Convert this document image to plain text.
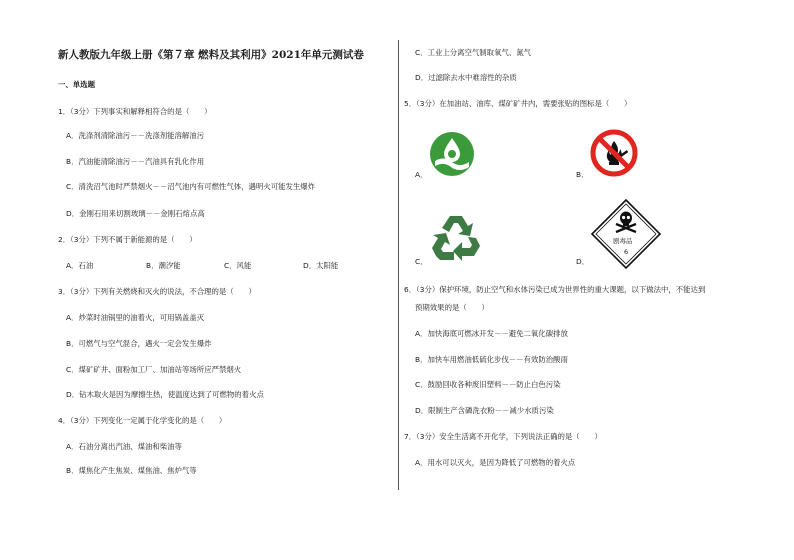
新人教版九年级上册《第７章 燃料及其利用》2021年单元测试卷
一、单选题
1．（3分）下列事实和解释相符合的是（　　）
A．洗涤剂清除油污－－洗涤剂能溶解油污
B．汽油能清除油污－－汽油具有乳化作用
C．清洗沼气池时严禁烟火－－沼气池内有可燃性气体，遇明火可能发生爆炸
D．金刚石用来切割玻璃－－金刚石熔点高
2．（3分）下列不属于新能源的是（　　）
A．石油	B．潮汐能	C．风能	D．太阳能
3．（3分）下列有关燃烧和灭火的说法，不合理的是（　　）
A．炒菜时油锅里的油着火，可用锅盖盖灭
B．可燃气与空气混合，遇火一定会发生爆炸
C．煤矿矿井、面粉加工厂、加油站等场所应严禁烟火
D．钻木取火是因为摩擦生热，使温度达到了可燃物的着火点
4．（3分）下列变化一定属于化学变化的是（　　）
A．石油分离出汽油、煤油和柴油等
B．煤焦化产生焦炭、煤焦油、焦炉气等
C．工业上分离空气制取氧气、氮气
D．过滤除去水中难溶性的杂质
5．（3分）在加油站、油库、煤矿矿井内，需要张贴的图标是（　　）
A．	B．
C．	D．
剧毒品
6
6．（3分）保护环境，防止空气和水体污染已成为世界性的重大课题，以下做法中，不能达到
预期效果的是（　　）
A．加快海底可燃冰开发－－避免二氧化碳排放
B．加快车用燃油低硫化步伐－－有效防治酸雨
C．鼓励回收各种废旧塑料－－防止白色污染
D．限制生产含磷洗衣粉－－减少水质污染
7．（3分）安全生活离不开化学，下列说法正确的是（　　）
A．用水可以灭火，是因为降低了可燃物的着火点
